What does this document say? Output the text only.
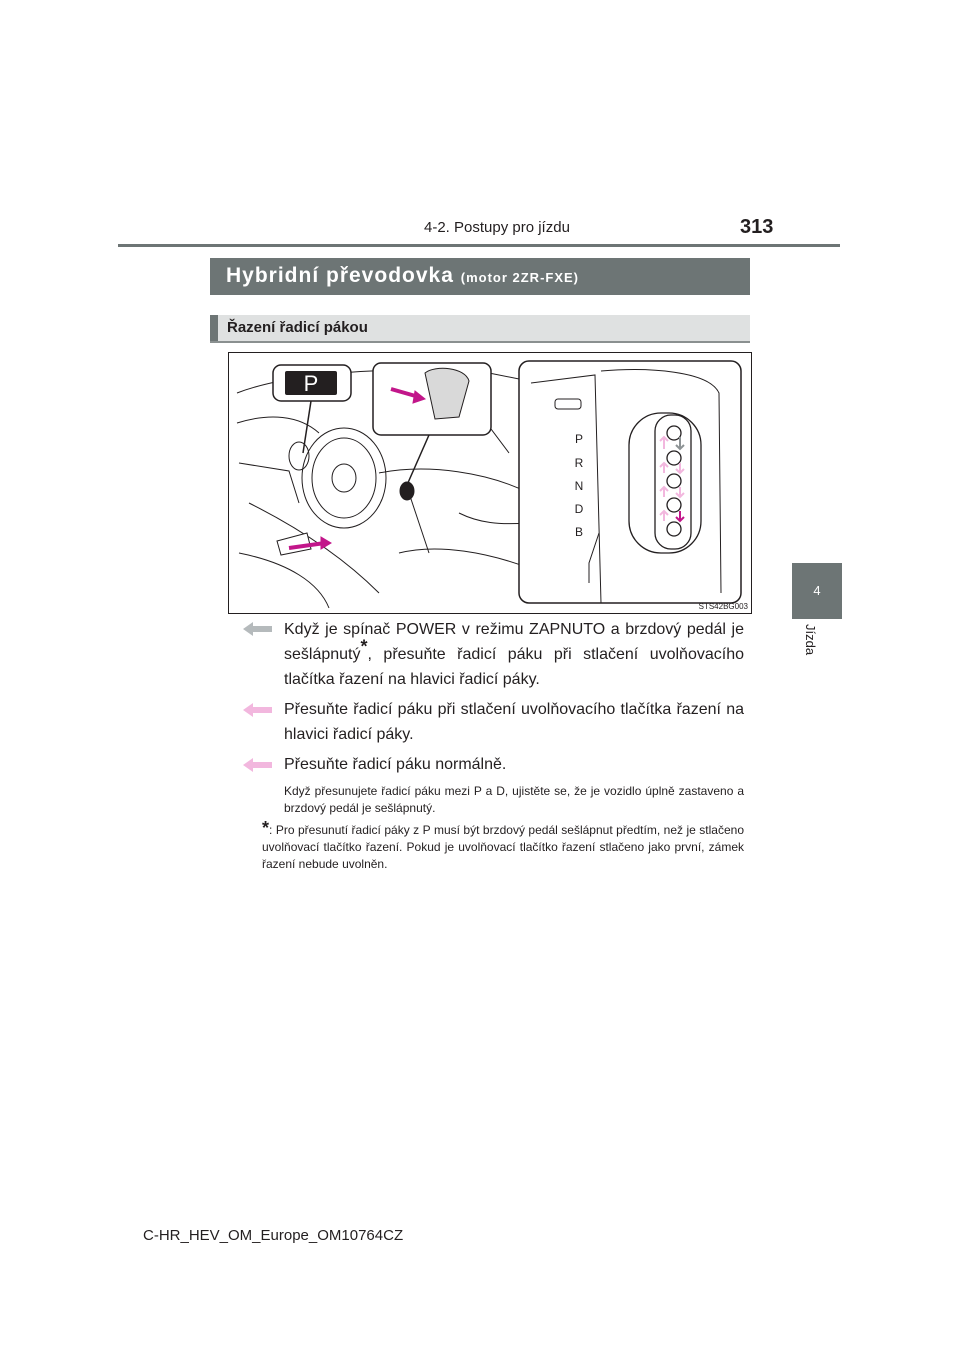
4-2. Postupy pro jízdu	313
4
Jízda
Hybridní převodovka (motor 2ZR-FXE)
Řazení řadicí pákou
P
P
R
N
D
B
STS42BG003
Když je spínač POWER v režimu ZAPNUTO a brzdový pedál je sešlápnutý*, přesuňte řadicí páku při stlačení uvolňovacího tlačítka řazení na hlavici řadicí páky.
Přesuňte řadicí páku při stlačení uvolňovacího tlačítka řazení na hlavici řadicí páky.
Přesuňte řadicí páku normálně.
Když přesunujete řadicí páku mezi P a D, ujistěte se, že je vozidlo úplně zastaveno a brzdový pedál je sešlápnutý.
*: Pro přesunutí řadicí páky z P musí být brzdový pedál sešlápnut předtím, než je stlačeno uvolňovací tlačítko řazení. Pokud je uvolňovací tlačítko řazení stlačeno jako první, zámek řazení nebude uvolněn.
C-HR_HEV_OM_Europe_OM10764CZ
